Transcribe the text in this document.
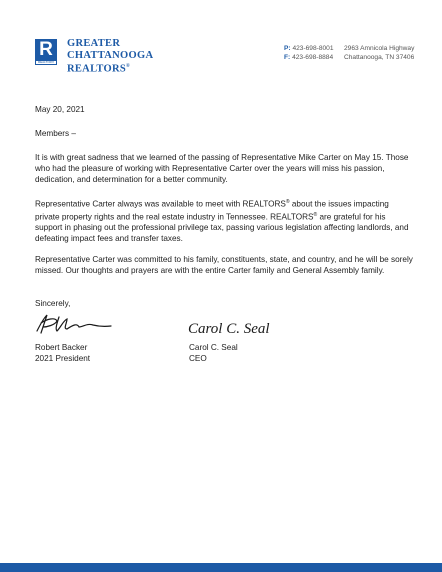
R
REALTOR®
GREATER
CHATTANOOGA
REALTORS®
P: 423-698-8001
F: 423-698-8884
2963 Amnicola Highway
Chattanooga, TN 37406
May 20, 2021
Members –

It is with great sadness that we learned of the passing of Representative Mike Carter on May 15. Those who had the pleasure of working with Representative Carter over the years will miss his passion, dedication, and determination for a better community.

Representative Carter always was available to meet with REALTORS® about the issues impacting private property rights and the real estate industry in Tennessee. REALTORS® are grateful for his support in phasing out the professional privilege tax, passing various legislation affecting landlords, and defeating impact fees and transfer taxes.

Representative Carter was committed to his family, constituents, state, and country, and he will be sorely missed. Our thoughts and prayers are with the entire Carter family and General Assembly family.

Sincerely,
Carol C. Seal
Robert Backer
2021 President
Carol C. Seal
CEO
